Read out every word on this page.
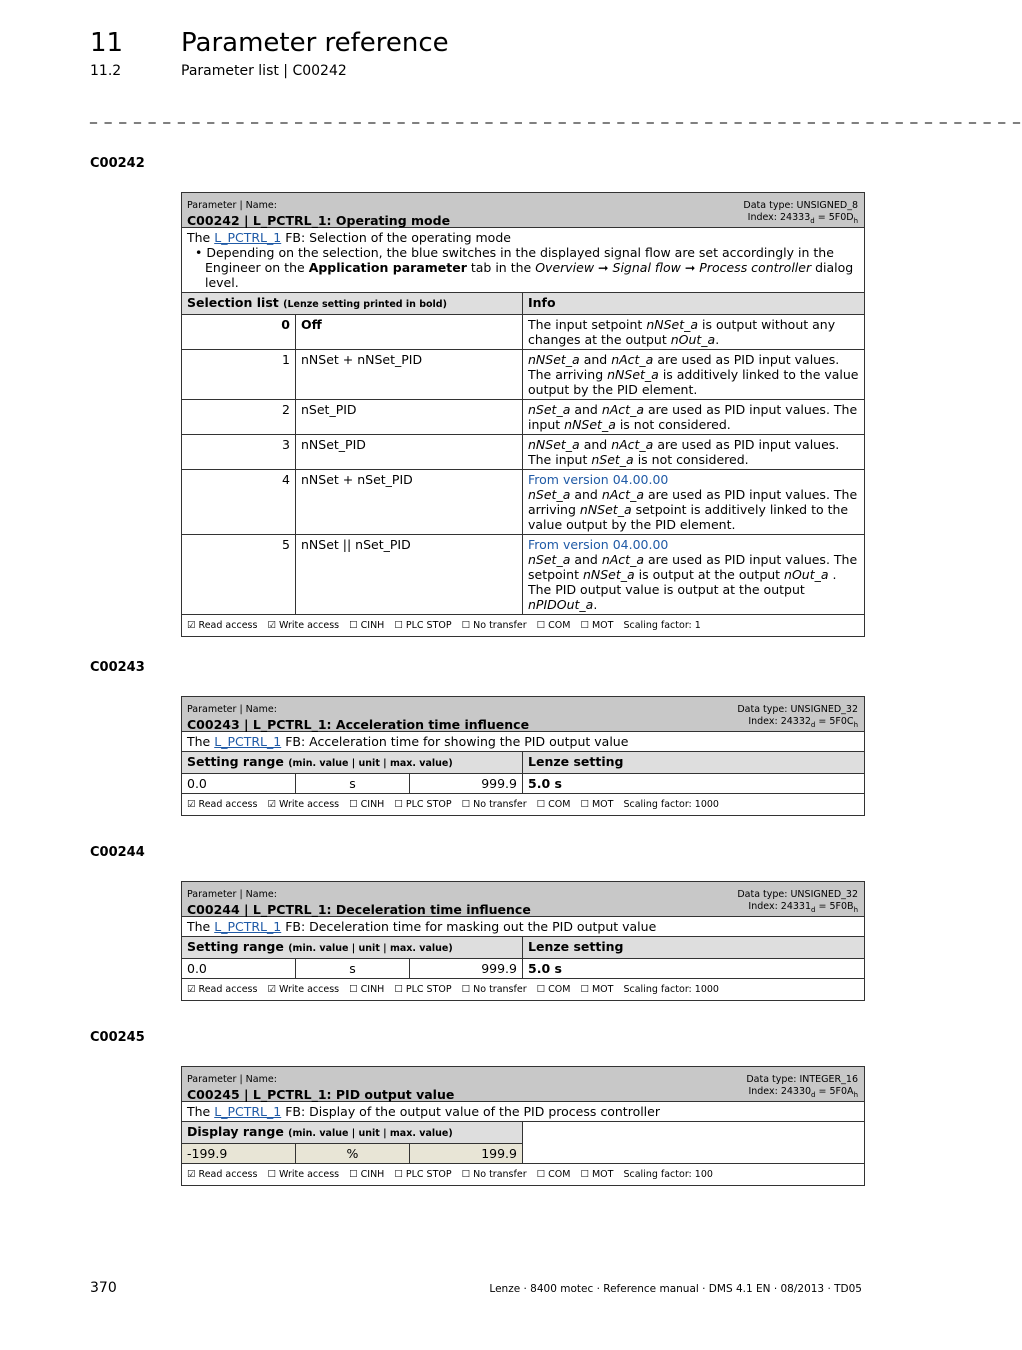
11 Parameter reference
11.2	Parameter list | C00242
_ _ _ _ _ _ _ _ _ _ _ _ _ _ _ _ _ _ _ _ _ _ _ _ _ _ _ _ _ _ _ _ _ _ _ _ _ _ _ _ _ _ _ _ _ _ _ _ _ _ _ _ _ _ _ _ _ _ _ _ _ _ _ _
C00242
Parameter | Name:
C00242 | L_PCTRL_1: Operating mode
Data type: UNSIGNED_8
Index: $24333_d = 5F0D_h$

The L_PCTRL_1 FB: Selection of the operating mode
• Depending on the selection, the blue switches in the displayed signal flow are set accordingly in the Engineer on the Application parameter tab in the Overview ➞ Signal flow ➞ Process controller dialog level.		

Selection list (Lenze setting printed in bold)		Info
0	Off	The input setpoint nNSet_a is output without any changes at the output nOut_a.

1	nNSet + nNSet_PID	nNSet_a and nAct_a are used as PID input values. The arriving nNSet_a is additively linked to the value output by the PID element.

2	nSet_PID	nSet_a and nAct_a are used as PID input values. The input nNSet_a is not considered.

3	nNSet_PID	nNSet_a and nAct_a are used as PID input values. The input nSet_a is not considered.

4	nNSet + nSet_PID	From version 04.00.00
nSet_a and nAct_a are used as PID input values. The arriving nNSet_a setpoint is additively linked to the value output by the PID element.

5	nNSet || nSet_PID	From version 04.00.00
nSet_a and nAct_a are used as PID input values. The setpoint nNSet_a is output at the output nOut_a . The PID output value is output at the output nPIDOut_a.

☑ Read access ☑ Write access ☐ CINH ☐ PLC STOP ☐ No transfer ☐ COM ☐ MOT Scaling factor: 1		
C00243
Parameter | Name:
C00243 | L_PCTRL_1: Acceleration time influence
Data type: UNSIGNED_32
Index: $24332_d = 5F0C_h$

The L_PCTRL_1 FB: Acceleration time for showing the PID output value			
Setting range (min. value | unit | max. value)			Lenze setting
0.0	s	999.9	5.0 s
☑ Read access ☑ Write access ☐ CINH ☐ PLC STOP ☐ No transfer ☐ COM ☐ MOT Scaling factor: 1000			
C00244
Parameter | Name:
C00244 | L_PCTRL_1: Deceleration time influence
Data type: UNSIGNED_32
Index: $24331_d = 5F0B_h$

The L_PCTRL_1 FB: Deceleration time for masking out the PID output value			
Setting range (min. value | unit | max. value)			Lenze setting
0.0	s	999.9	5.0 s
☑ Read access ☑ Write access ☐ CINH ☐ PLC STOP ☐ No transfer ☐ COM ☐ MOT Scaling factor: 1000			
C00245
Parameter | Name:
C00245 | L_PCTRL_1: PID output value
Data type: INTEGER_16
Index: $24330_d = 5F0A_h$

The L_PCTRL_1 FB: Display of the output value of the PID process controller			
Display range (min. value | unit | max. value)			
-199.9	%	199.9	
☑ Read access ☐ Write access ☐ CINH ☐ PLC STOP ☐ No transfer ☐ COM ☐ MOT Scaling factor: 100			
370	Lenze · 8400 motec · Reference manual · DMS 4.1 EN · 08/2013 · TD05
